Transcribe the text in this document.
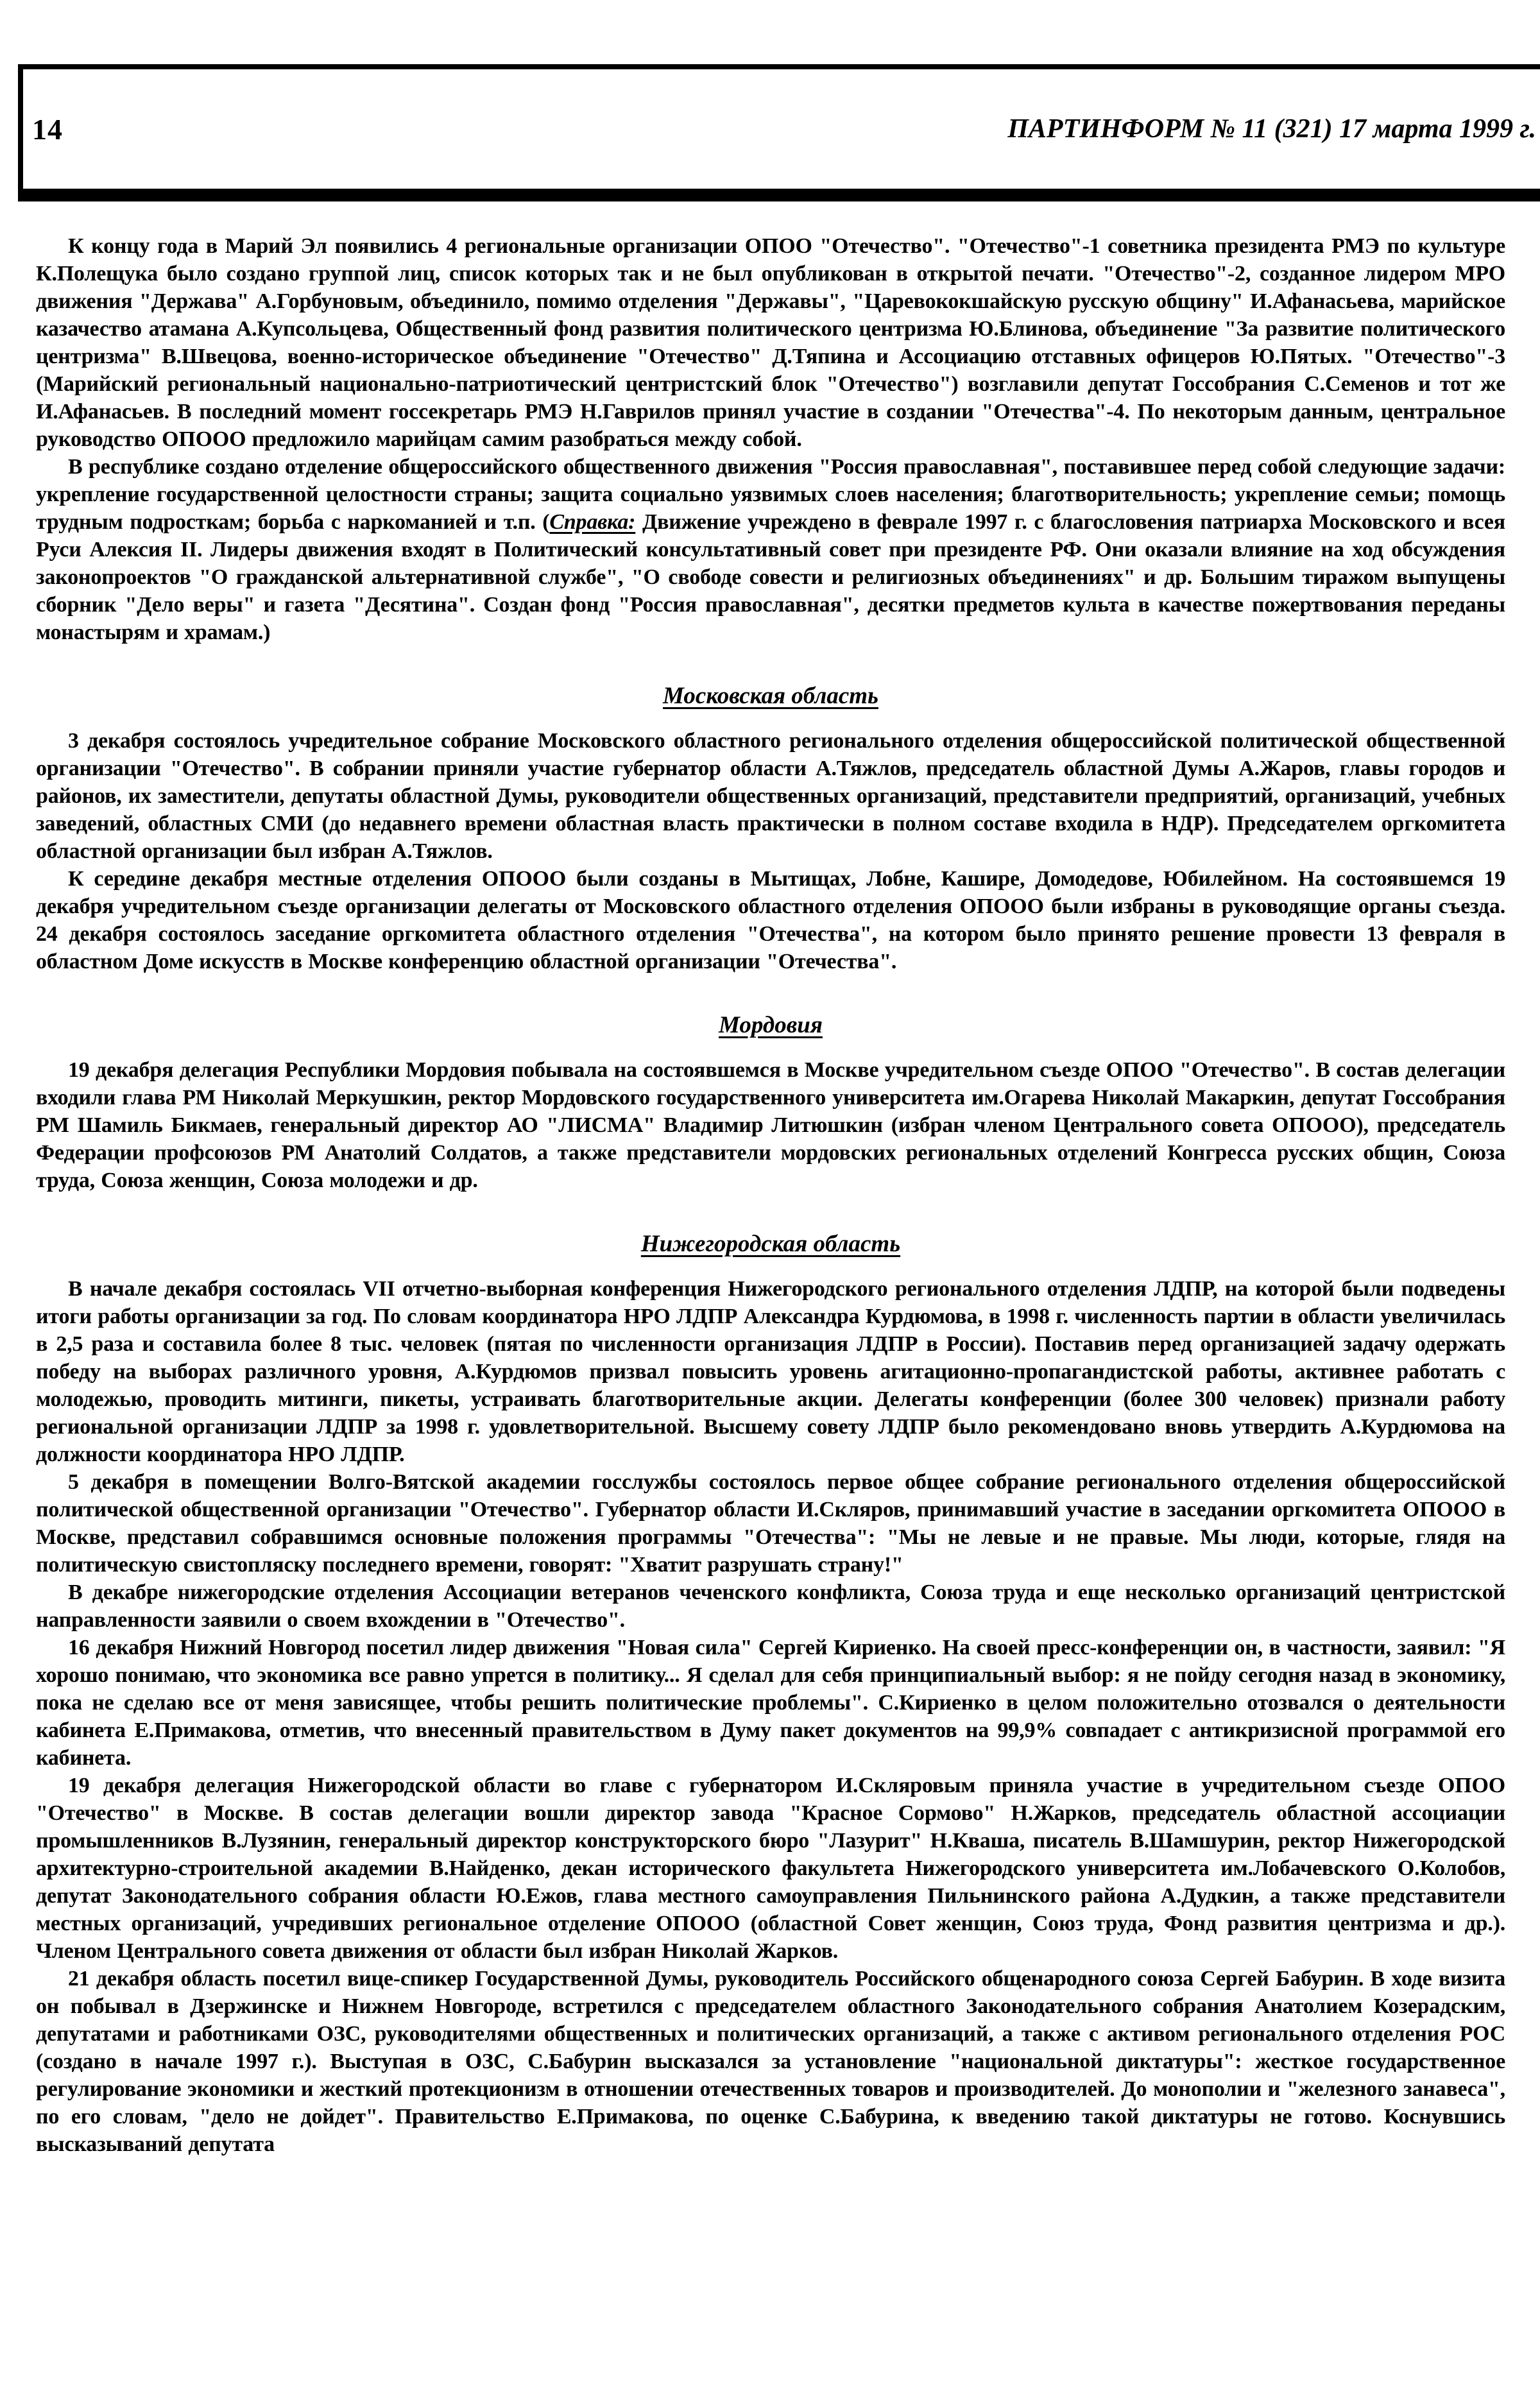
14	ПАРТИНФОРМ № 11 (321) 17 марта 1999 г.

К концу года в Марий Эл появились 4 региональные организации ОПОО "Отечество". "Отечество"-1 советника президента РМЭ по культуре К.Полещука было создано группой лиц, список которых так и не был опубликован в открытой печати. "Отечество"-2, созданное лидером МРО движения "Держава" А.Горбуновым, объединило, помимо отделения "Державы", "Царевококшайскую русскую общину" И.Афанасьева, марийское казачество атамана А.Купсольцева, Общественный фонд развития политического центризма Ю.Блинова, объединение "За развитие политического центризма" В.Швецова, военно-историческое объединение "Отечество" Д.Тяпина и Ассоциацию отставных офицеров Ю.Пятых. "Отечество"-3 (Марийский региональный национально-патриотический центристский блок "Отечество") возглавили депутат Госсобрания С.Семенов и тот же И.Афанасьев. В последний момент госсекретарь РМЭ Н.Гаврилов принял участие в создании "Отечества"-4. По некоторым данным, центральное руководство ОПООО предложило марийцам самим разобраться между собой.

В республике создано отделение общероссийского общественного движения "Россия православная", поставившее перед собой следующие задачи: укрепление государственной целостности страны; защита социально уязвимых слоев населения; благотворительность; укрепление семьи; помощь трудным подросткам; борьба с наркоманией и т.п. (Справка: Движение учреждено в феврале 1997 г. с благословения патриарха Московского и всея Руси Алексия II. Лидеры движения входят в Политический консультативный совет при президенте РФ. Они оказали влияние на ход обсуждения законопроектов "О гражданской альтернативной службе", "О свободе совести и религиозных объединениях" и др. Большим тиражом выпущены сборник "Дело веры" и газета "Десятина". Создан фонд "Россия православная", десятки предметов культа в качестве пожертвования переданы монастырям и храмам.)

Московская область

3 декабря состоялось учредительное собрание Московского областного регионального отделения общероссийской политической общественной организации "Отечество". В собрании приняли участие губернатор области А.Тяжлов, председатель областной Думы А.Жаров, главы городов и районов, их заместители, депутаты областной Думы, руководители общественных организаций, представители предприятий, организаций, учебных заведений, областных СМИ (до недавнего времени областная власть практически в полном составе входила в НДР). Председателем оргкомитета областной организации был избран А.Тяжлов.

К середине декабря местные отделения ОПООО были созданы в Мытищах, Лобне, Кашире, Домодедове, Юбилейном. На состоявшемся 19 декабря учредительном съезде организации делегаты от Московского областного отделения ОПООО были избраны в руководящие органы съезда. 24 декабря состоялось заседание оргкомитета областного отделения "Отечества", на котором было принято решение провести 13 февраля в областном Доме искусств в Москве конференцию областной организации "Отечества".

Мордовия

19 декабря делегация Республики Мордовия побывала на состоявшемся в Москве учредительном съезде ОПОО "Отечество". В состав делегации входили глава РМ Николай Меркушкин, ректор Мордовского государственного университета им.Огарева Николай Макаркин, депутат Госсобрания РМ Шамиль Бикмаев, генеральный директор АО "ЛИСМА" Владимир Литюшкин (избран членом Центрального совета ОПООО), председатель Федерации профсоюзов РМ Анатолий Солдатов, а также представители мордовских региональных отделений Конгресса русских общин, Союза труда, Союза женщин, Союза молодежи и др.

Нижегородская область

В начале декабря состоялась VII отчетно-выборная конференция Нижегородского регионального отделения ЛДПР, на которой были подведены итоги работы организации за год. По словам координатора НРО ЛДПР Александра Курдюмова, в 1998 г. численность партии в области увеличилась в 2,5 раза и составила более 8 тыс. человек (пятая по численности организация ЛДПР в России). Поставив перед организацией задачу одержать победу на выборах различного уровня, А.Курдюмов призвал повысить уровень агитационно-пропагандистской работы, активнее работать с молодежью, проводить митинги, пикеты, устраивать благотворительные акции. Делегаты конференции (более 300 человек) признали работу региональной организации ЛДПР за 1998 г. удовлетворительной. Высшему совету ЛДПР было рекомендовано вновь утвердить А.Курдюмова на должности координатора НРО ЛДПР.

5 декабря в помещении Волго-Вятской академии госслужбы состоялось первое общее собрание регионального отделения общероссийской политической общественной организации "Отечество". Губернатор области И.Скляров, принимавший участие в заседании оргкомитета ОПООО в Москве, представил собравшимся основные положения программы "Отечества": "Мы не левые и не правые. Мы люди, которые, глядя на политическую свистопляску последнего времени, говорят: "Хватит разрушать страну!"

В декабре нижегородские отделения Ассоциации ветеранов чеченского конфликта, Союза труда и еще несколько организаций центристской направленности заявили о своем вхождении в "Отечество".

16 декабря Нижний Новгород посетил лидер движения "Новая сила" Сергей Кириенко. На своей пресс-конференции он, в частности, заявил: "Я хорошо понимаю, что экономика все равно упрется в политику... Я сделал для себя принципиальный выбор: я не пойду сегодня назад в экономику, пока не сделаю все от меня зависящее, чтобы решить политические проблемы". С.Кириенко в целом положительно отозвался о деятельности кабинета Е.Примакова, отметив, что внесенный правительством в Думу пакет документов на 99,9% совпадает с антикризисной программой его кабинета.

19 декабря делегация Нижегородской области во главе с губернатором И.Скляровым приняла участие в учредительном съезде ОПОО "Отечество" в Москве. В состав делегации вошли директор завода "Красное Сормово" Н.Жарков, председатель областной ассоциации промышленников В.Лузянин, генеральный директор конструкторского бюро "Лазурит" Н.Кваша, писатель В.Шамшурин, ректор Нижегородской архитектурно-строительной академии В.Найденко, декан исторического факультета Нижегородского университета им.Лобачевского О.Колобов, депутат Законодательного собрания области Ю.Ежов, глава местного самоуправления Пильнинского района А.Дудкин, а также представители местных организаций, учредивших региональное отделение ОПООО (областной Совет женщин, Союз труда, Фонд развития центризма и др.). Членом Центрального совета движения от области был избран Николай Жарков.

21 декабря область посетил вице-спикер Государственной Думы, руководитель Российского общенародного союза Сергей Бабурин. В ходе визита он побывал в Дзержинске и Нижнем Новгороде, встретился с председателем областного Законодательного собрания Анатолием Козерадским, депутатами и работниками ОЗС, руководителями общественных и политических организаций, а также с активом регионального отделения РОС (создано в начале 1997 г.). Выступая в ОЗС, С.Бабурин высказался за установление "национальной диктатуры": жесткое государственное регулирование экономики и жесткий протекционизм в отношении отечественных товаров и производителей. До монополии и "железного занавеса", по его словам, "дело не дойдет". Правительство Е.Примакова, по оценке С.Бабурина, к введению такой диктатуры не готово. Коснувшись высказываний депутата
